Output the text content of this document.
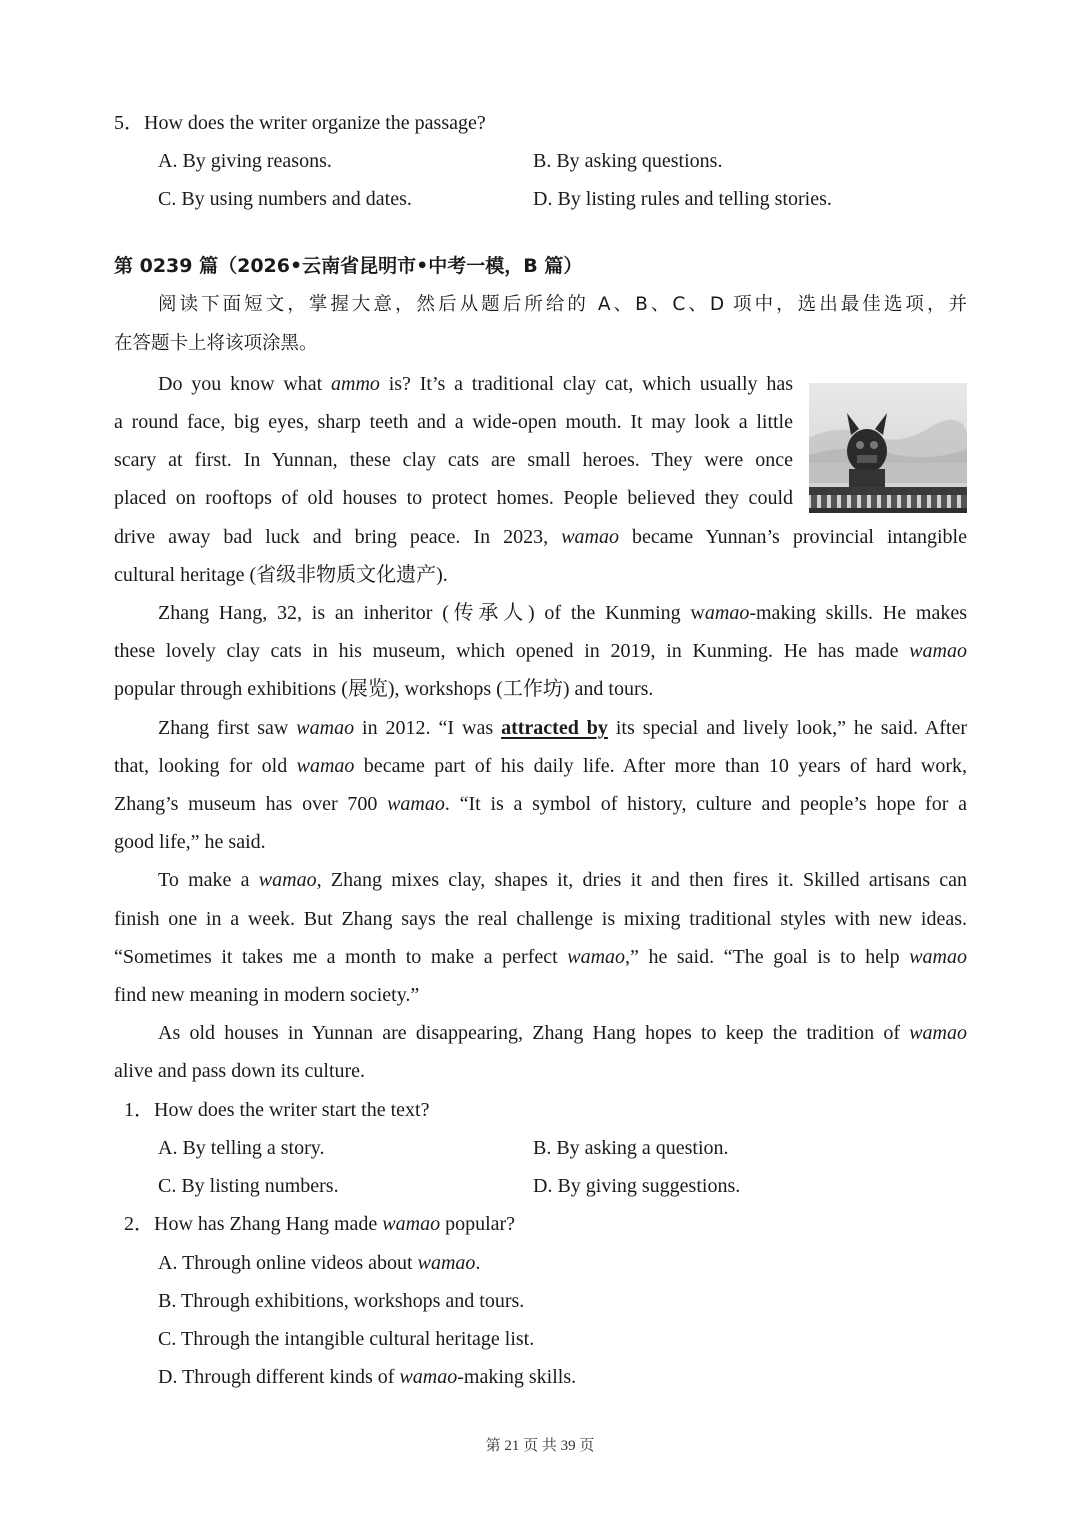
5．How does the writer organize the passage?
A. By giving reasons.	B. By asking questions.
C. By using numbers and dates.	D. By listing rules and telling stories.
第 0239 篇（2026•云南省昆明市•中考一模，B 篇）
阅读下面短文，掌握大意，然后从题后所给的 A、B、C、D 项中，选出最佳选项，并
在答题卡上将该项涂黑。
Do you know what ammo is? It’s a traditional clay cat, which usually has
a round face, big eyes, sharp teeth and a wide-open mouth. It may look a little
scary at first. In Yunnan, these clay cats are small heroes. They were once
placed on rooftops of old houses to protect homes. People believed they could
drive away bad luck and bring peace. In 2023, wamao became Yunnan’s provincial intangible
cultural heritage (省级非物质文化遗产).
Zhang Hang, 32, is an inheritor (传承人) of the Kunming wamao-making skills. He makes
these lovely clay cats in his museum, which opened in 2019, in Kunming. He has made wamao
popular through exhibitions (展览), workshops (工作坊) and tours.
Zhang first saw wamao in 2012. “I was attracted by its special and lively look,” he said. After
that, looking for old wamao became part of his daily life. After more than 10 years of hard work,
Zhang’s museum has over 700 wamao. “It is a symbol of history, culture and people’s hope for a
good life,” he said.
To make a wamao, Zhang mixes clay, shapes it, dries it and then fires it. Skilled artisans can
finish one in a week. But Zhang says the real challenge is mixing traditional styles with new ideas.
“Sometimes it takes me a month to make a perfect wamao,” he said. “The goal is to help wamao
find new meaning in modern society.”
As old houses in Yunnan are disappearing, Zhang Hang hopes to keep the tradition of wamao
alive and pass down its culture.
1．How does the writer start the text?
A. By telling a story.	B. By asking a question.
C. By listing numbers.	D. By giving suggestions.
2．How has Zhang Hang made wamao popular?
A. Through online videos about wamao.
B. Through exhibitions, workshops and tours.
C. Through the intangible cultural heritage list.
D. Through different kinds of wamao-making skills.
第 21 页 共 39 页
